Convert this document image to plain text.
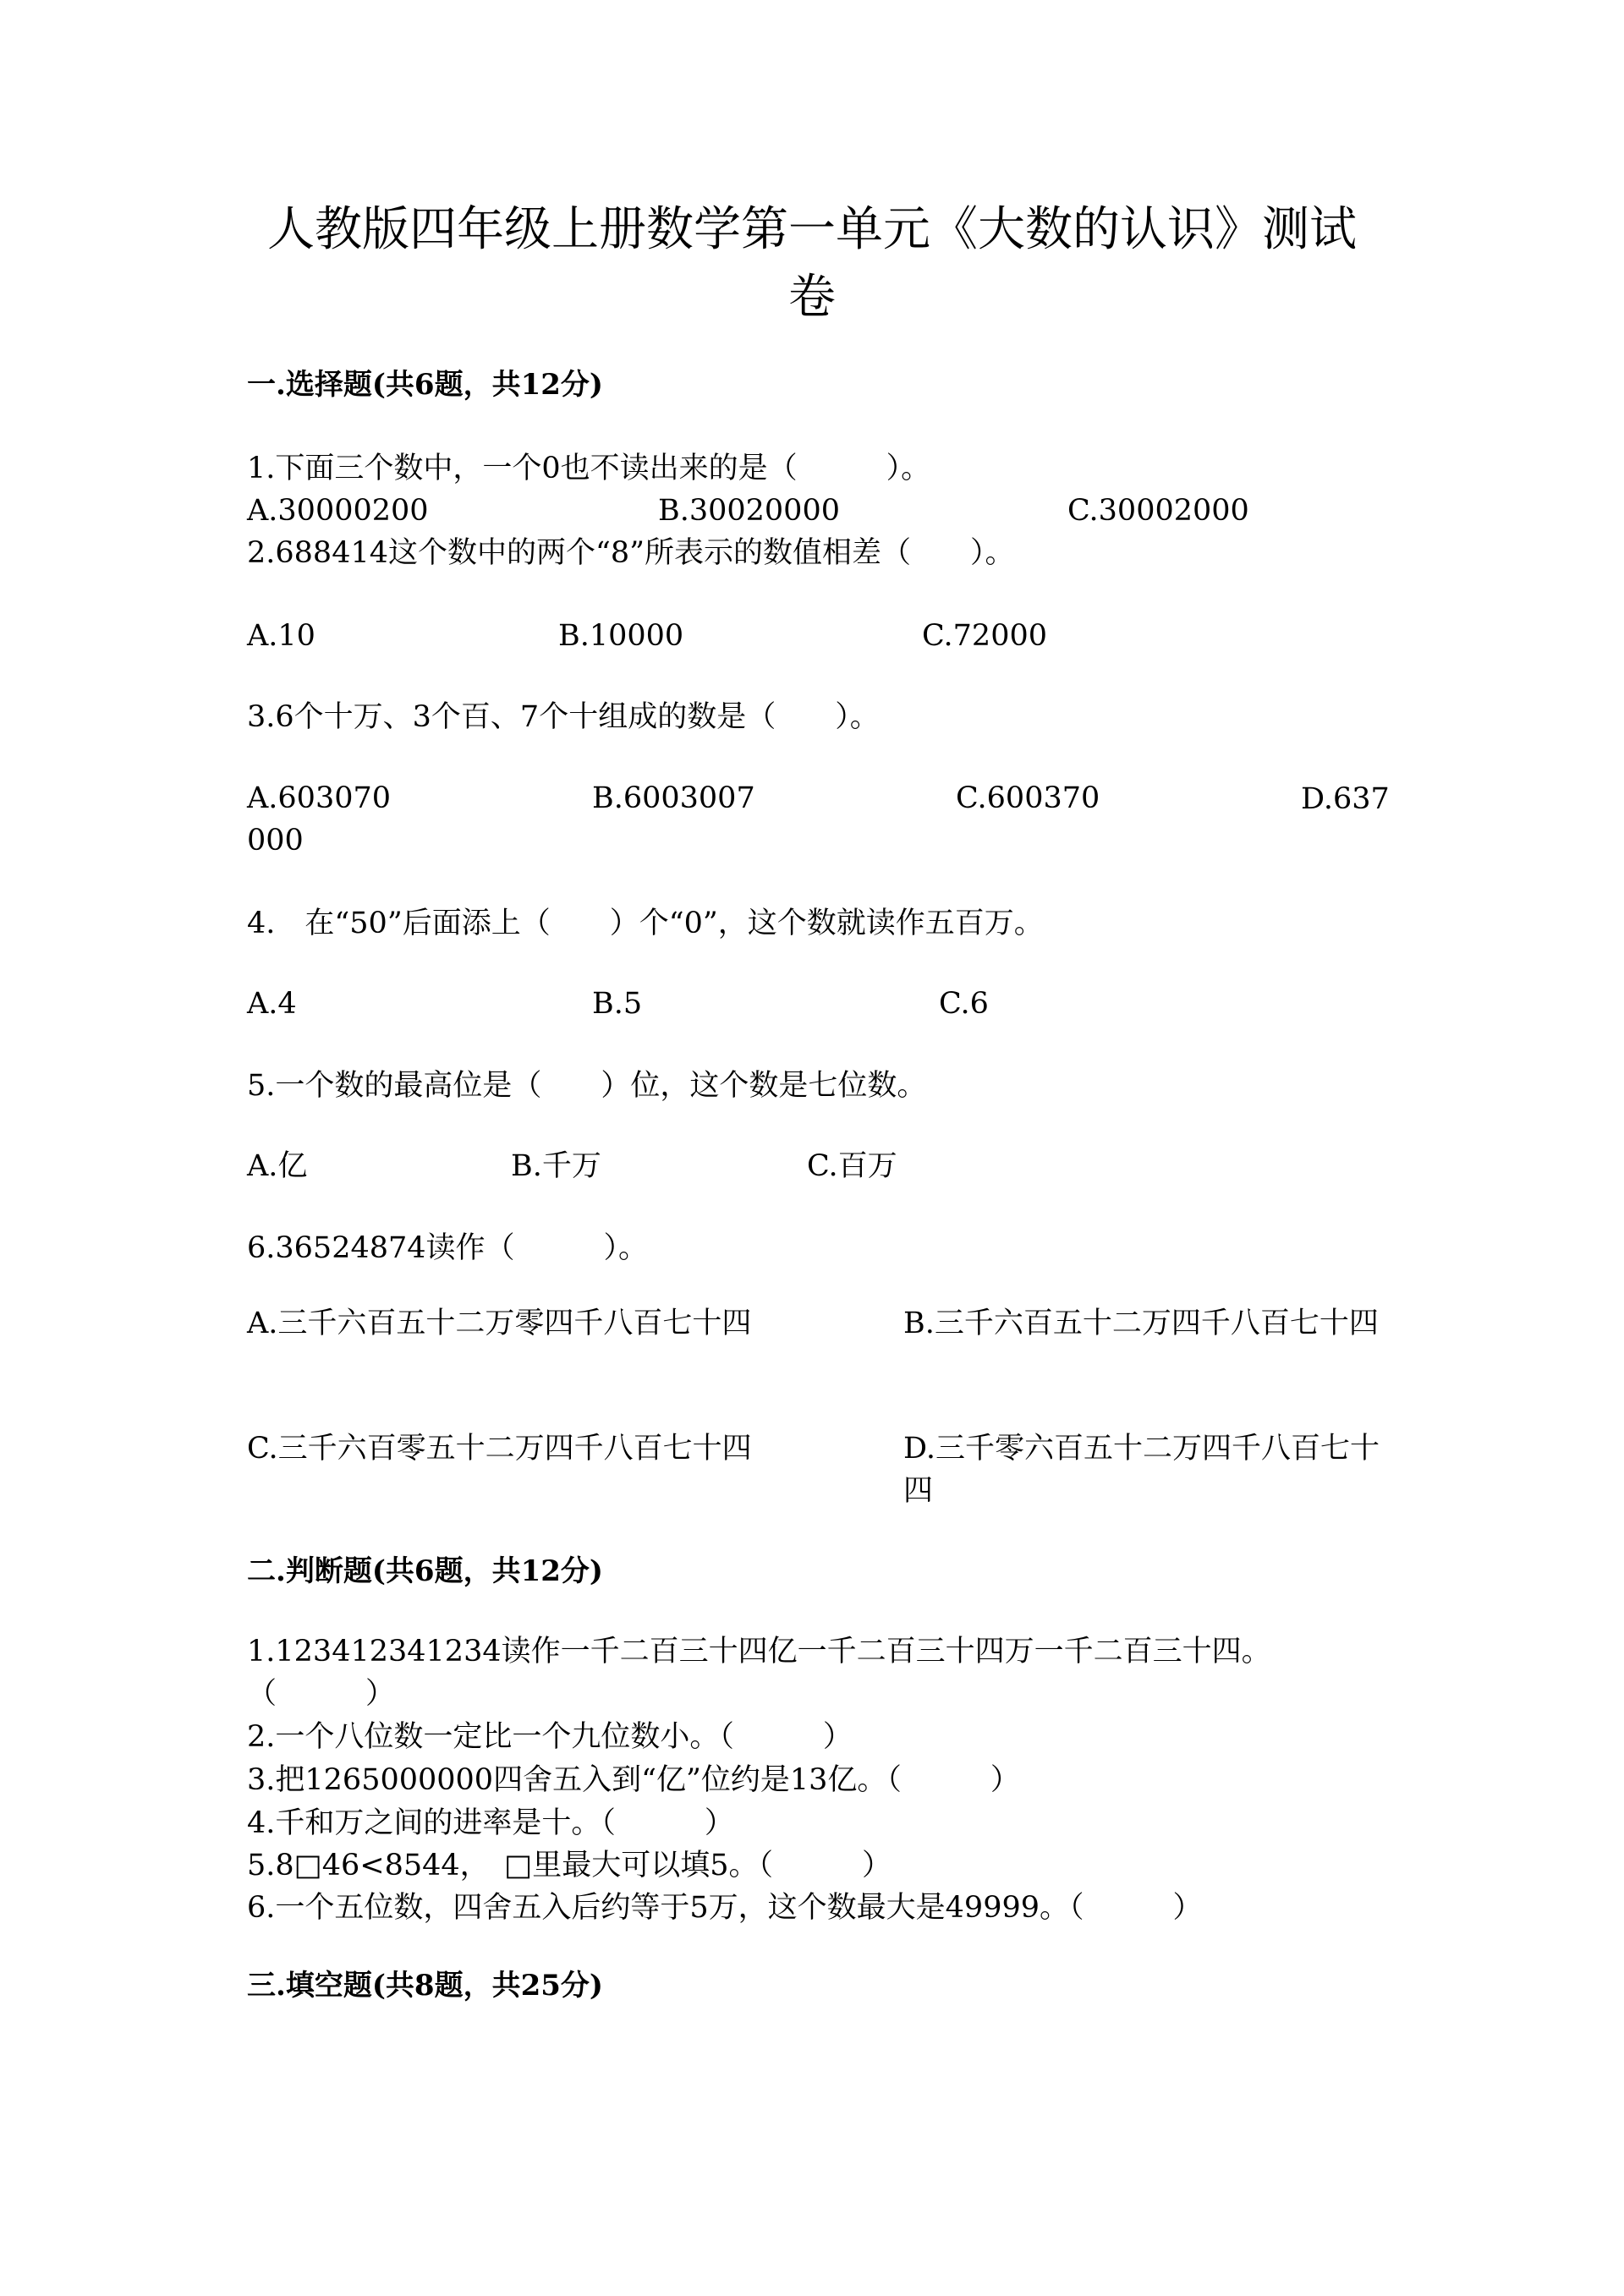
人教版四年级上册数学第一单元《大数的认识》测试卷
一.选择题(共6题，共12分)
1.下面三个数中，一个0也不读出来的是（　　　）。
A.30000200	B.30020000	C.30002000
2.688414这个数中的两个“8”所表示的数值相差（　　）。
A.10	B.10000	C.72000
3.6个十万、3个百、7个十组成的数是（　　）。
A.603070	B.6003007	C.600370	D.637
4.　在“50”后面添上（　　）个“0”，这个数就读作五百万。
A.4	B.5	C.6
5.一个数的最高位是（　　）位，这个数是七位数。
A.亿	B.千万	C.百万
6.36524874读作（　　　）。
A.三千六百五十二万零四千八百七十四	B.三千六百五十二万四千八百七十四
C.三千六百零五十二万四千八百七十四	D.三千零六百五十二万四千八百七十四
二.判断题(共6题，共12分)
1.123412341234读作一千二百三十四亿一千二百三十四万一千二百三十四。（　　　）
2.一个八位数一定比一个九位数小。（　　　）
3.把1265000000四舍五入到“亿”位约是13亿。（　　　）
4.千和万之间的进率是十。（　　　）
5.8□46<8544，　□里最大可以填5。（　　　）
6.一个五位数，四舍五入后约等于5万，这个数最大是49999。（　　　）
三.填空题(共8题，共25分)
000
